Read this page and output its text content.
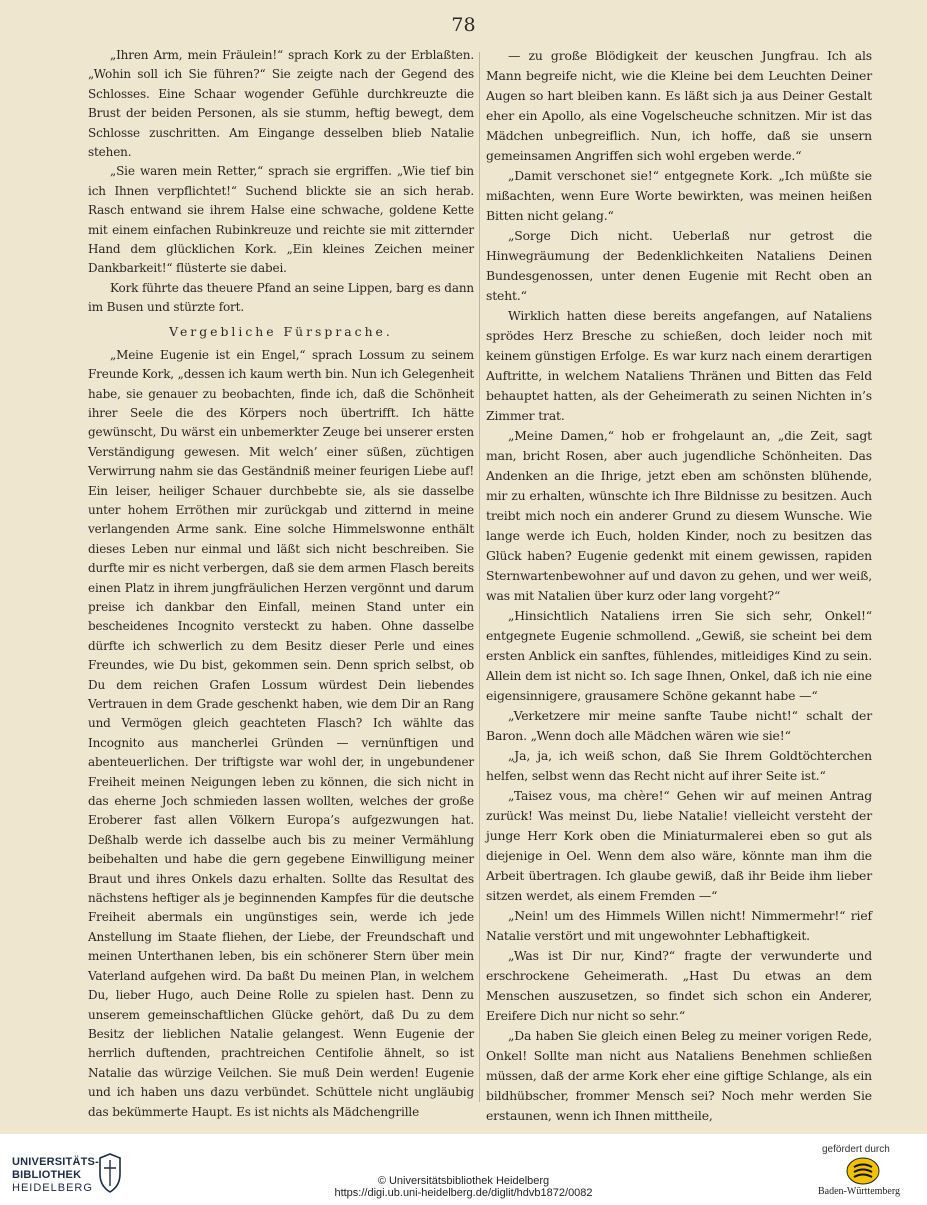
78

„Ihren Arm, mein Fräulein!“ sprach Kork zu der Erblaßten. „Wohin soll ich Sie führen?“ Sie zeigte nach der Gegend des Schlosses. Eine Schaar wogender Gefühle durchkreuzte die Brust der beiden Personen, als sie stumm, heftig bewegt, dem Schlosse zuschritten. Am Eingange desselben blieb Natalie stehen.

„Sie waren mein Retter,“ sprach sie ergriffen. „Wie tief bin ich Ihnen verpflichtet!“ Suchend blickte sie an sich herab. Rasch entwand sie ihrem Halse eine schwache, goldene Kette mit einem einfachen Rubinkreuze und reichte sie mit zitternder Hand dem glücklichen Kork. „Ein kleines Zeichen meiner Dankbarkeit!“ flüsterte sie dabei.

Kork führte das theuere Pfand an seine Lippen, barg es dann im Busen und stürzte fort.

Vergebliche Fürsprache.

„Meine Eugenie ist ein Engel,“ sprach Lossum zu seinem Freunde Kork, „dessen ich kaum werth bin. Nun ich Gelegenheit habe, sie genauer zu beobachten, finde ich, daß die Schönheit ihrer Seele die des Körpers noch übertrifft. Ich hätte gewünscht, Du wärst ein unbemerkter Zeuge bei unserer ersten Verständigung gewesen. Mit welch’ einer süßen, züchtigen Verwirrung nahm sie das Geständniß meiner feurigen Liebe auf! Ein leiser, heiliger Schauer durchbebte sie, als sie dasselbe unter hohem Erröthen mir zurückgab und zitternd in meine verlangenden Arme sank. Eine solche Himmelswonne enthält dieses Leben nur einmal und läßt sich nicht beschreiben. Sie durfte mir es nicht verbergen, daß sie dem armen Flasch bereits einen Platz in ihrem jungfräulichen Herzen vergönnt und darum preise ich dankbar den Einfall, meinen Stand unter ein bescheidenes Incognito versteckt zu haben. Ohne dasselbe dürfte ich schwerlich zu dem Besitz dieser Perle und eines Freundes, wie Du bist, gekommen sein. Denn sprich selbst, ob Du dem reichen Grafen Lossum würdest Dein liebendes Vertrauen in dem Grade geschenkt haben, wie dem Dir an Rang und Vermögen gleich geachteten Flasch? Ich wählte das Incognito aus mancherlei Gründen — vernünftigen und abenteuerlichen. Der triftigste war wohl der, in ungebundener Freiheit meinen Neigungen leben zu können, die sich nicht in das eherne Joch schmieden lassen wollten, welches der große Eroberer fast allen Völkern Europa’s aufgezwungen hat. Deßhalb werde ich dasselbe auch bis zu meiner Vermählung beibehalten und habe die gern gegebene Einwilligung meiner Braut und ihres Onkels dazu erhalten. Sollte das Resultat des nächstens heftiger als je beginnenden Kampfes für die deutsche Freiheit abermals ein ungünstiges sein, werde ich jede Anstellung im Staate fliehen, der Liebe, der Freundschaft und meinen Unterthanen leben, bis ein schönerer Stern über mein Vaterland aufgehen wird. Da baßt Du meinen Plan, in welchem Du, lieber Hugo, auch Deine Rolle zu spielen hast. Denn zu unserem gemeinschaftlichen Glücke gehört, daß Du zu dem Besitz der lieblichen Natalie gelangest. Wenn Eugenie der herrlich duftenden, prachtreichen Centifolie ähnelt, so ist Natalie das würzige Veilchen. Sie muß Dein werden! Eugenie und ich haben uns dazu verbündet. Schüttele nicht ungläubig das bekümmerte Haupt. Es ist nichts als Mädchengrille

— zu große Blödigkeit der keuschen Jungfrau. Ich als Mann begreife nicht, wie die Kleine bei dem Leuchten Deiner Augen so hart bleiben kann. Es läßt sich ja aus Deiner Gestalt eher ein Apollo, als eine Vogelscheuche schnitzen. Mir ist das Mädchen unbegreiflich. Nun, ich hoffe, daß sie unsern gemeinsamen Angriffen sich wohl ergeben werde.“

„Damit verschonet sie!“ entgegnete Kork. „Ich müßte sie mißachten, wenn Eure Worte bewirkten, was meinen heißen Bitten nicht gelang.“

„Sorge Dich nicht. Ueberlaß nur getrost die Hinwegräumung der Bedenklichkeiten Nataliens Deinen Bundesgenossen, unter denen Eugenie mit Recht oben an steht.“

Wirklich hatten diese bereits angefangen, auf Nataliens sprödes Herz Bresche zu schießen, doch leider noch mit keinem günstigen Erfolge. Es war kurz nach einem derartigen Auftritte, in welchem Nataliens Thränen und Bitten das Feld behauptet hatten, als der Geheimerath zu seinen Nichten in’s Zimmer trat.

„Meine Damen,“ hob er frohgelaunt an, „die Zeit, sagt man, bricht Rosen, aber auch jugendliche Schönheiten. Das Andenken an die Ihrige, jetzt eben am schönsten blühende, mir zu erhalten, wünschte ich Ihre Bildnisse zu besitzen. Auch treibt mich noch ein anderer Grund zu diesem Wunsche. Wie lange werde ich Euch, holden Kinder, noch zu besitzen das Glück haben? Eugenie gedenkt mit einem gewissen, rapiden Sternwartenbewohner auf und davon zu gehen, und wer weiß, was mit Natalien über kurz oder lang vorgeht?“

„Hinsichtlich Nataliens irren Sie sich sehr, Onkel!“ entgegnete Eugenie schmollend. „Gewiß, sie scheint bei dem ersten Anblick ein sanftes, fühlendes, mitleidiges Kind zu sein. Allein dem ist nicht so. Ich sage Ihnen, Onkel, daß ich nie eine eigensinnigere, grausamere Schöne gekannt habe —“

„Verketzere mir meine sanfte Taube nicht!“ schalt der Baron. „Wenn doch alle Mädchen wären wie sie!“

„Ja, ja, ich weiß schon, daß Sie Ihrem Goldtöchterchen helfen, selbst wenn das Recht nicht auf ihrer Seite ist.“

„Taisez vous, ma chère!“ Gehen wir auf meinen Antrag zurück! Was meinst Du, liebe Natalie! vielleicht versteht der junge Herr Kork oben die Miniaturmalerei eben so gut als diejenige in Oel. Wenn dem also wäre, könnte man ihm die Arbeit übertragen. Ich glaube gewiß, daß ihr Beide ihm lieber sitzen werdet, als einem Fremden —“

„Nein! um des Himmels Willen nicht! Nimmermehr!“ rief Natalie verstört und mit ungewohnter Lebhaftigkeit.

„Was ist Dir nur, Kind?“ fragte der verwunderte und erschrockene Geheimerath. „Hast Du etwas an dem Menschen auszusetzen, so findet sich schon ein Anderer, Ereifere Dich nur nicht so sehr.“

„Da haben Sie gleich einen Beleg zu meiner vorigen Rede, Onkel! Sollte man nicht aus Nataliens Benehmen schließen müssen, daß der arme Kork eher eine giftige Schlange, als ein bildhübscher, frommer Mensch sei? Noch mehr werden Sie erstaunen, wenn ich Ihnen mittheile,

UNIVERSITÄTS-
BIBLIOTHEK
HEIDELBERG
© Universitätsbibliothek Heidelberg
https://digi.ub.uni-heidelberg.de/diglit/hdvb1872/0082
gefördert durch
Baden-Württemberg
